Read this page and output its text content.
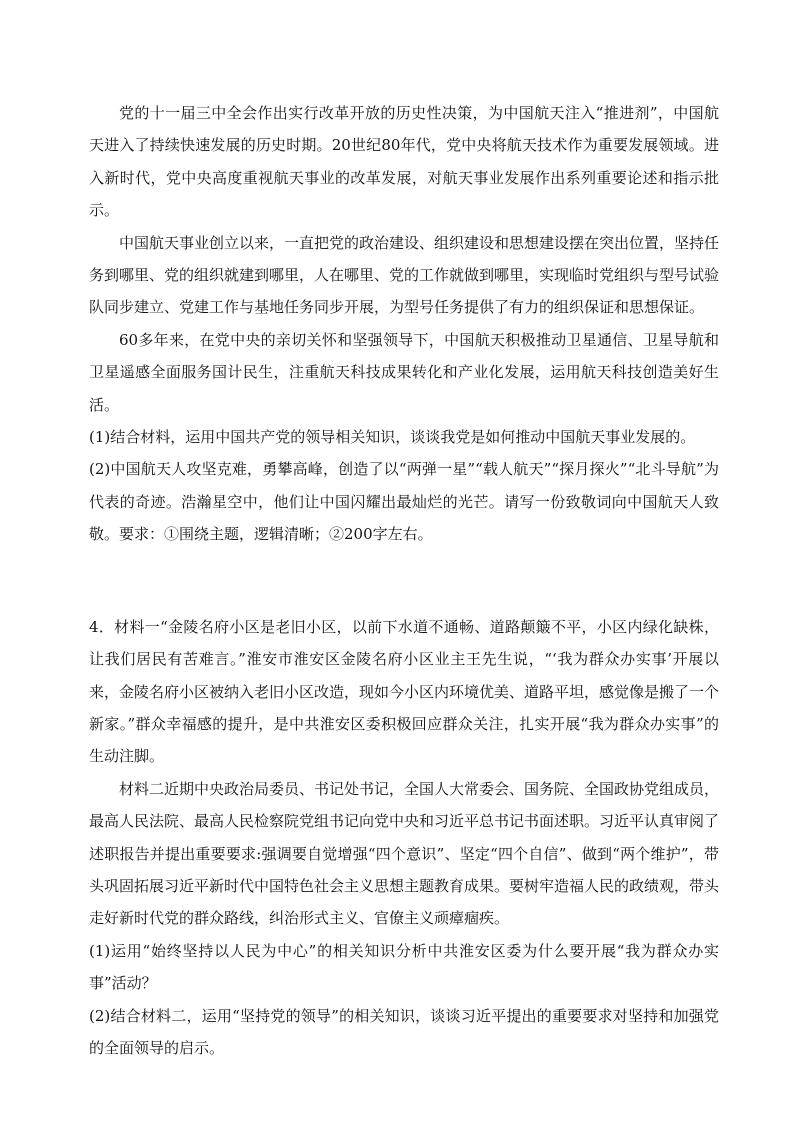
党的十一届三中全会作出实行改革开放的历史性决策，为中国航天注入“推进剂”，中国航天进入了持续快速发展的历史时期。20世纪80年代，党中央将航天技术作为重要发展领域。进入新时代，党中央高度重视航天事业的改革发展，对航天事业发展作出系列重要论述和指示批示。

中国航天事业创立以来，一直把党的政治建设、组织建设和思想建设摆在突出位置，坚持任务到哪里、党的组织就建到哪里，人在哪里、党的工作就做到哪里，实现临时党组织与型号试验队同步建立、党建工作与基地任务同步开展，为型号任务提供了有力的组织保证和思想保证。

60多年来，在党中央的亲切关怀和坚强领导下，中国航天积极推动卫星通信、卫星导航和卫星遥感全面服务国计民生，注重航天科技成果转化和产业化发展，运用航天科技创造美好生活。

(1)结合材料，运用中国共产党的领导相关知识，谈谈我党是如何推动中国航天事业发展的。

(2)中国航天人攻坚克难，勇攀高峰，创造了以“两弹一星”“载人航天”“探月探火”“北斗导航”为代表的奇迹。浩瀚星空中，他们让中国闪耀出最灿烂的光芒。请写一份致敬词向中国航天人致敬。要求：①围绕主题，逻辑清晰；②200字左右。

4．材料一“金陵名府小区是老旧小区，以前下水道不通畅、道路颠簸不平，小区内绿化缺株，让我们居民有苦难言。”淮安市淮安区金陵名府小区业主王先生说，“‘我为群众办实事’开展以来，金陵名府小区被纳入老旧小区改造，现如今小区内环境优美、道路平坦，感觉像是搬了一个新家。”群众幸福感的提升，是中共淮安区委积极回应群众关注，扎实开展“我为群众办实事”的生动注脚。

材料二近期中央政治局委员、书记处书记，全国人大常委会、国务院、全国政协党组成员，最高人民法院、最高人民检察院党组书记向党中央和习近平总书记书面述职。习近平认真审阅了述职报告并提出重要要求:强调要自觉增强“四个意识”、坚定“四个自信”、做到“两个维护”，带头巩固拓展习近平新时代中国特色社会主义思想主题教育成果。要树牢造福人民的政绩观，带头走好新时代党的群众路线，纠治形式主义、官僚主义顽瘴痼疾。

(1)运用“始终坚持以人民为中心”的相关知识分析中共淮安区委为什么要开展“我为群众办实事”活动？

(2)结合材料二，运用“坚持党的领导”的相关知识，谈谈习近平提出的重要要求对坚持和加强党的全面领导的启示。
